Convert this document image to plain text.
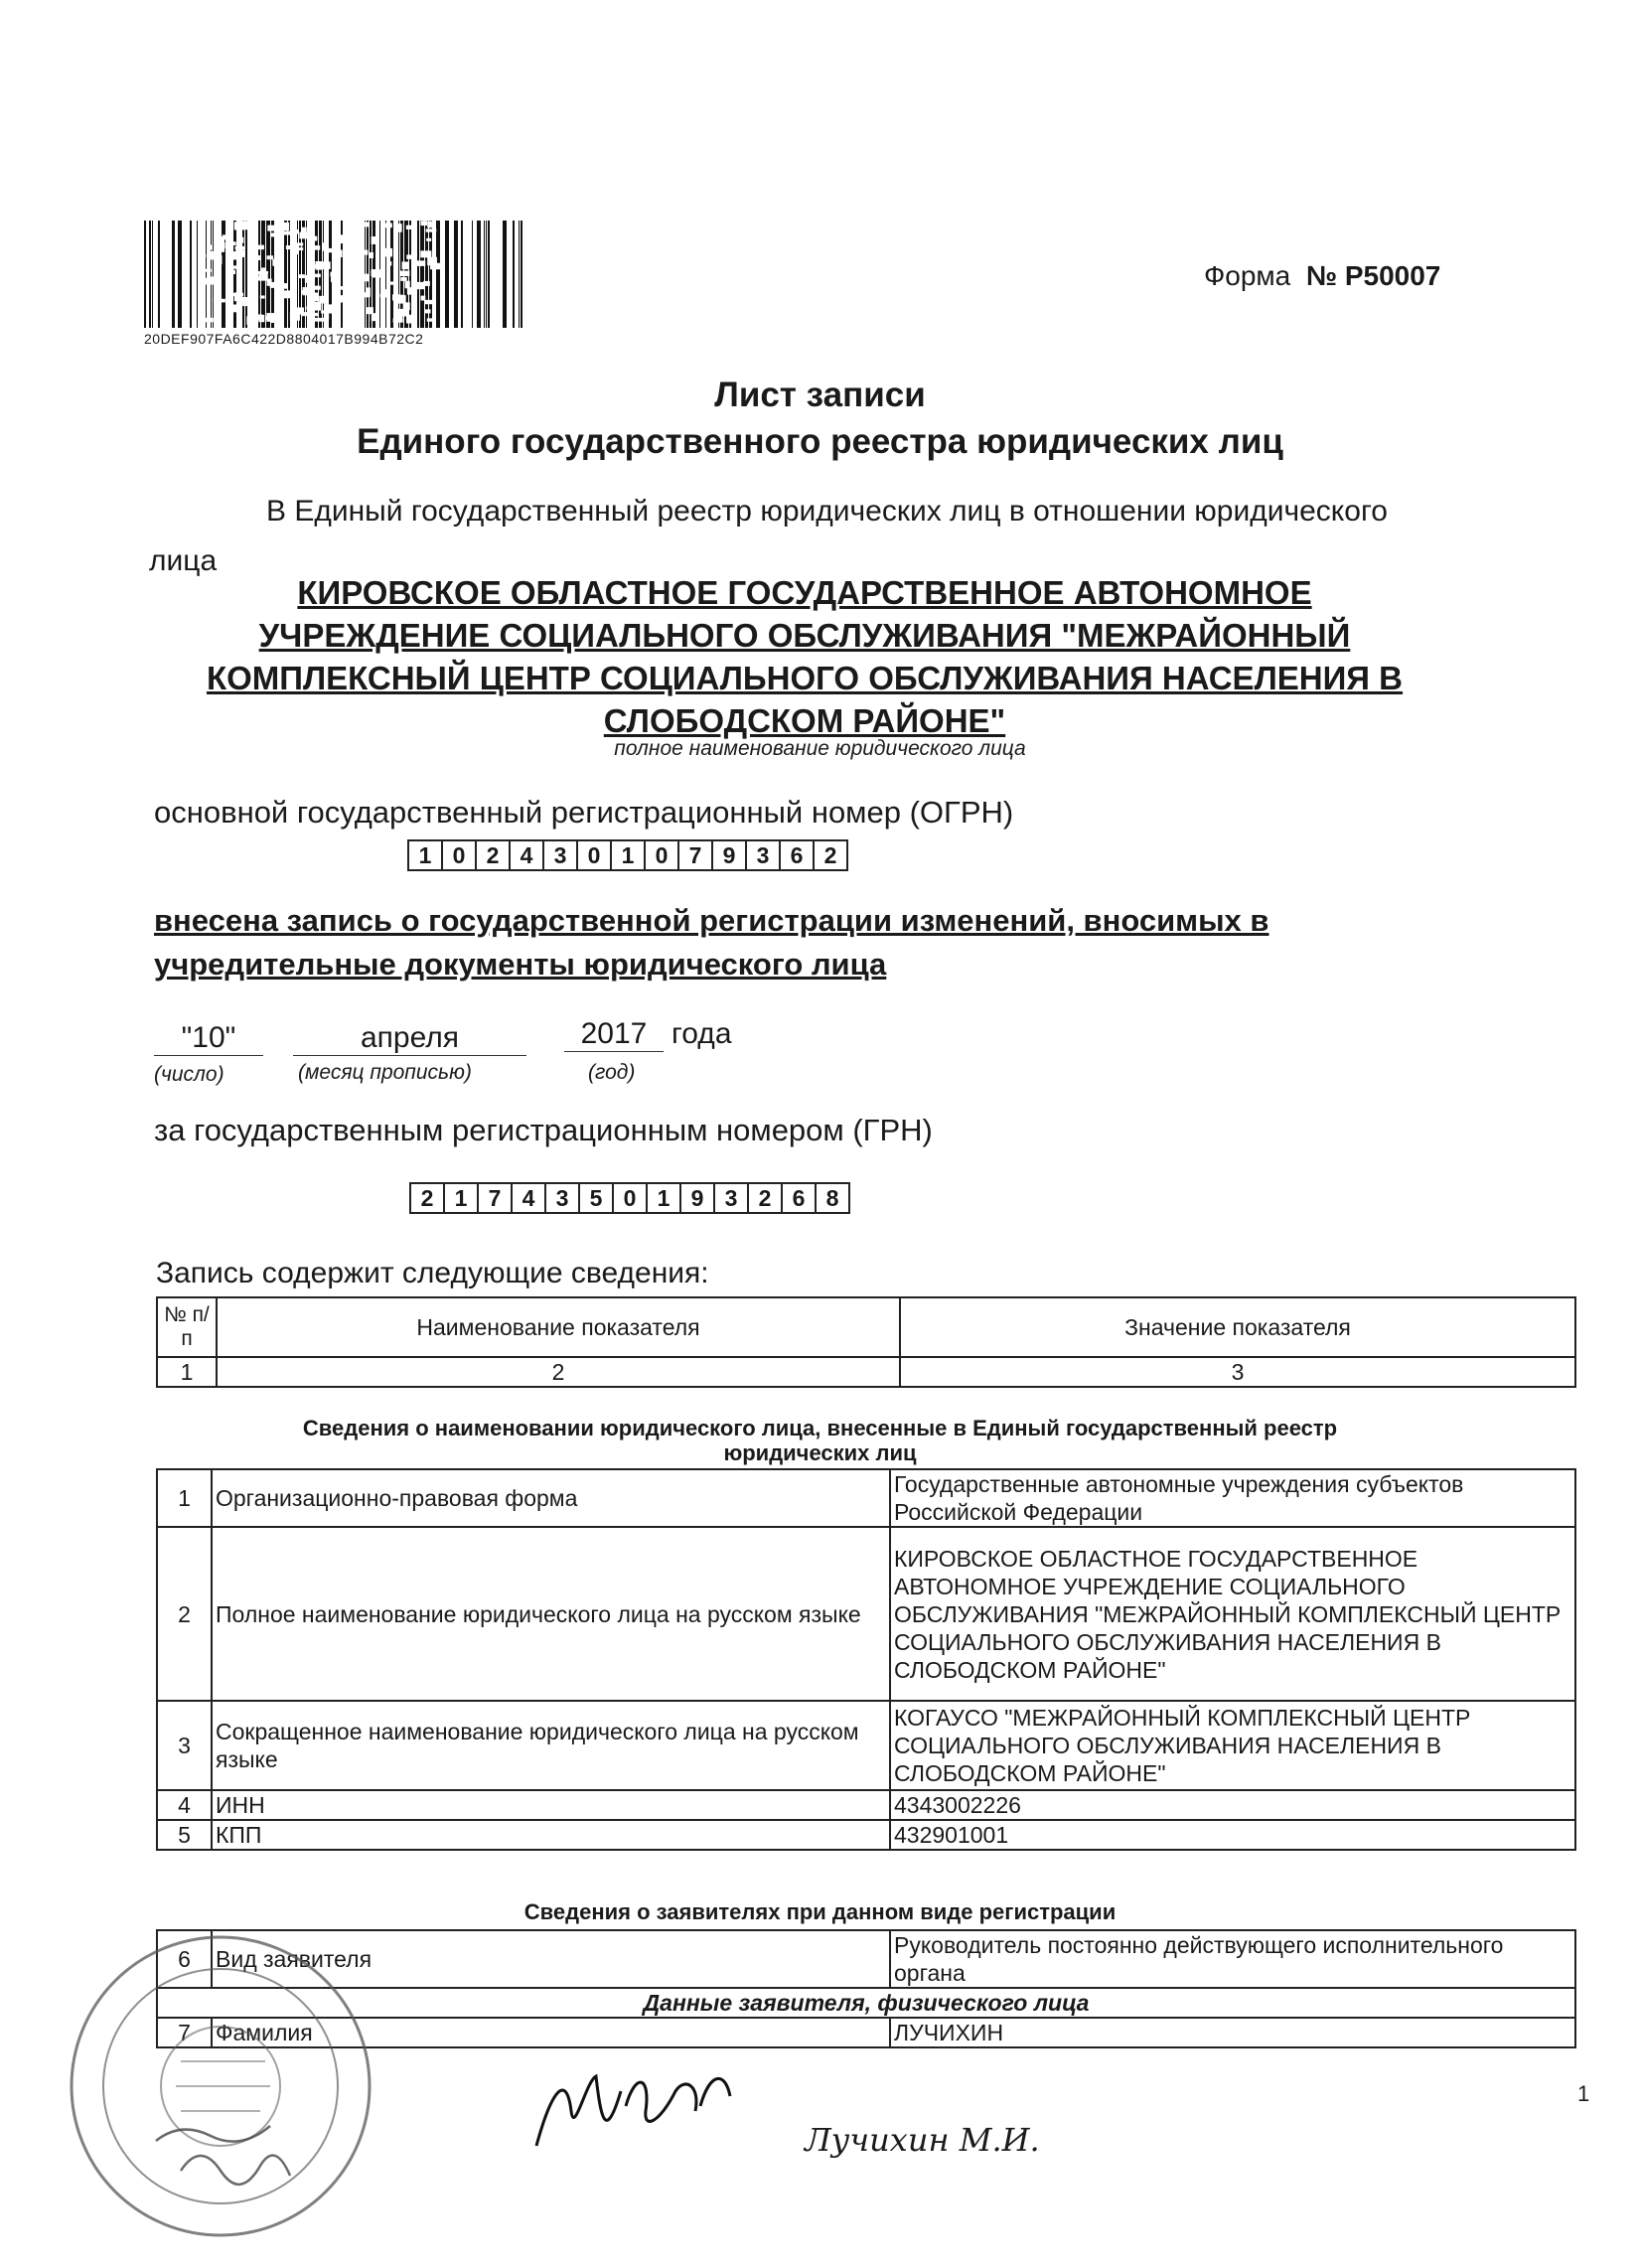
20DEF907FA6C422D8804017B994B72C2
Форма № Р50007
Лист записи
Единого государственного реестра юридических лиц
В Единый государственный реестр юридических лиц в отношении юридического
лица
КИРОВСКОЕ ОБЛАСТНОЕ ГОСУДАРСТВЕННОЕ АВТОНОМНОЕ
УЧРЕЖДЕНИЕ СОЦИАЛЬНОГО ОБСЛУЖИВАНИЯ "МЕЖРАЙОННЫЙ
КОМПЛЕКСНЫЙ ЦЕНТР СОЦИАЛЬНОГО ОБСЛУЖИВАНИЯ НАСЕЛЕНИЯ В
СЛОБОДСКОМ РАЙОНЕ"
полное наименование юридического лица
основной государственный регистрационный номер (ОГРН)
1 0 2 4 3 0 1 0 7 9 3 6 2
внесена запись о государственной регистрации изменений, вносимых в
учредительные документы юридического лица
"10"	апреля	2017 года
(число)	(месяц прописью)	(год)
за государственным регистрационным номером (ГРН)
2 1 7 4 3 5 0 1 9 3 2 6 8
Запись содержит следующие сведения:
№ п/п	Наименование показателя	Значение показателя
1	2	3
Сведения о наименовании юридического лица, внесенные в Единый государственный реестр
юридических лиц
1	Организационно-правовая форма	Государственные автономные учреждения субъектов Российской Федерации
2	Полное наименование юридического лица на русском языке	КИРОВСКОЕ ОБЛАСТНОЕ ГОСУДАРСТВЕННОЕ АВТОНОМНОЕ УЧРЕЖДЕНИЕ СОЦИАЛЬНОГО ОБСЛУЖИВАНИЯ "МЕЖРАЙОННЫЙ КОМПЛЕКСНЫЙ ЦЕНТР СОЦИАЛЬНОГО ОБСЛУЖИВАНИЯ НАСЕЛЕНИЯ В СЛОБОДСКОМ РАЙОНЕ"
3	Сокращенное наименование юридического лица на русском языке	КОГАУСО "МЕЖРАЙОННЫЙ КОМПЛЕКСНЫЙ ЦЕНТР СОЦИАЛЬНОГО ОБСЛУЖИВАНИЯ НАСЕЛЕНИЯ В СЛОБОДСКОМ РАЙОНЕ"
4	ИНН	4343002226
5	КПП	432901001
Сведения о заявителях при данном виде регистрации
6	Вид заявителя	Руководитель постоянно действующего исполнительного органа
Данные заявителя, физического лица		
7	Фамилия	ЛУЧИХИН
1
Лучихин М.И.
